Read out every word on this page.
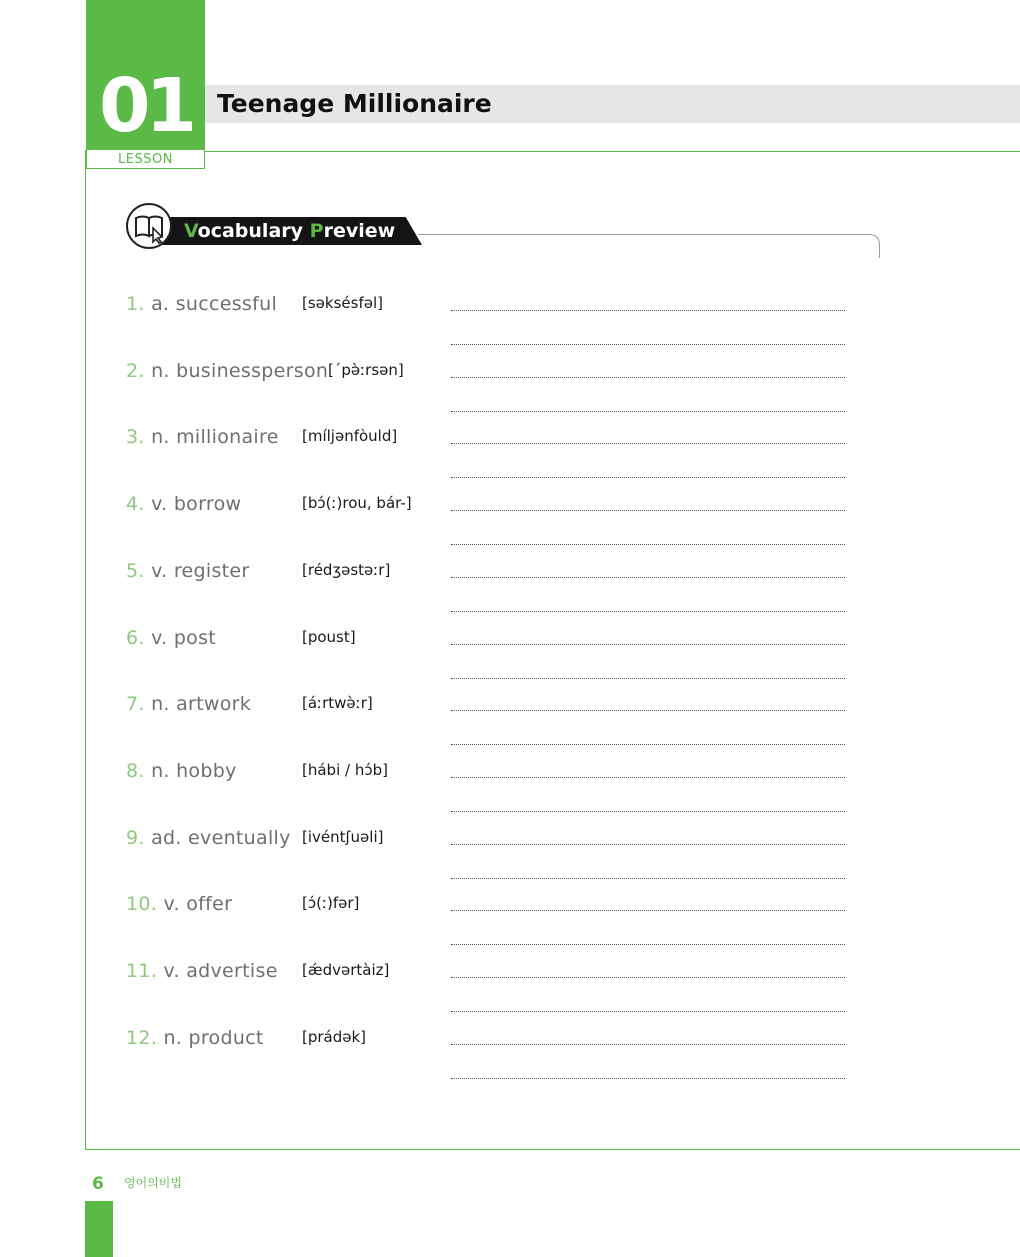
01
LESSON
Teenage Millionaire
Vocabulary Preview
1. a. successful [səksésfəl]
2. n. businessperson [ˊpə̀ːrsən]
3. n. millionaire [míljənfòuld]
4. v. borrow	[bɔ́(ː)rou, bár-]
5. v. register	[rédʒəstəːr]
6. v. post	[poust]
7. n. artwork	[áːrtwə̀ːr]
8. n. hobby	[hábi / hɔ́b]
9. ad. eventually [ivéntʃuəli]
10. v. offer	[ɔ́(ː)fər]
11. v. advertise [ǽdvərtàiz]
12. n. product	[prádək]
6 영어의비법
